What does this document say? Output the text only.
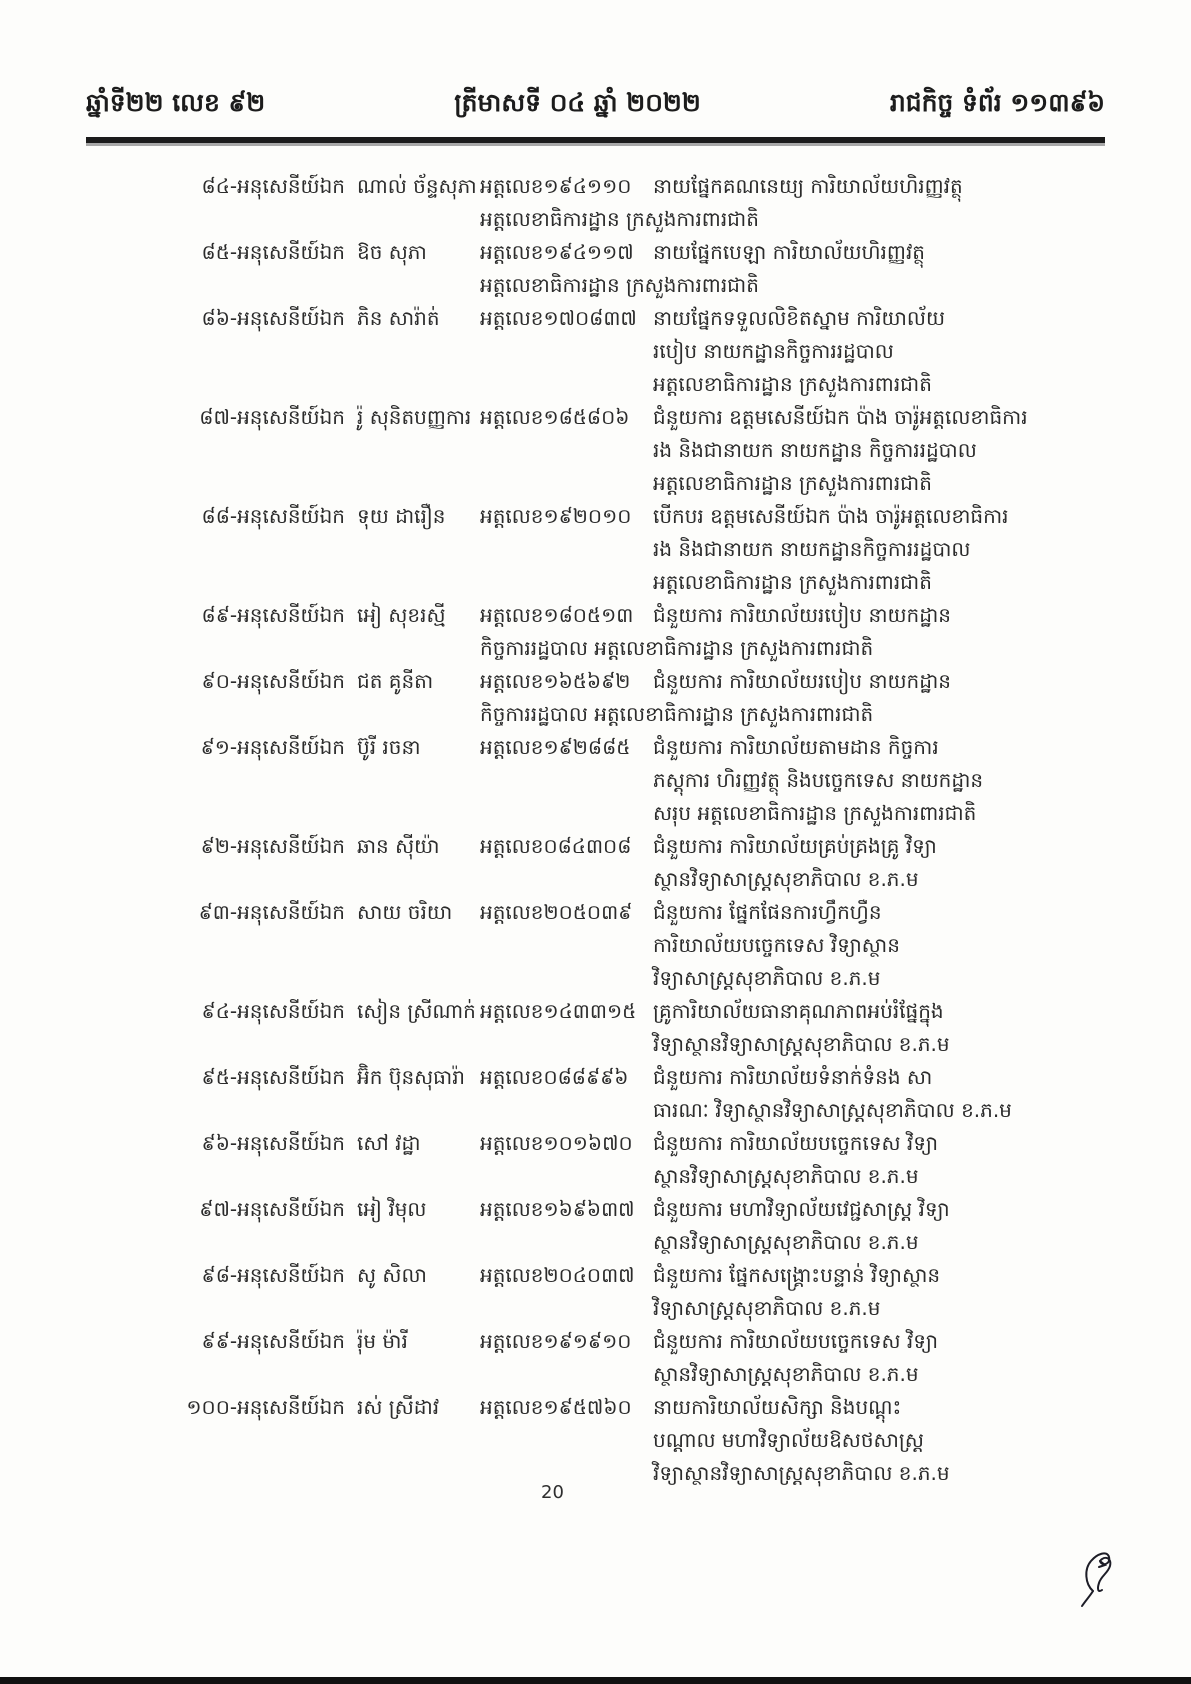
ឆ្នាំទី២២ លេខ ៩២	ត្រីមាសទី ០៤ ឆ្នាំ ២០២២	រាជកិច្ច ទំព័រ ១១៣៩៦
៨៤-អនុសេនីយ៍ឯក ណាល់ ច័ន្ទសុភា អត្តលេខ១៩៤១១០	នាយផ្នែកគណនេយ្យ ការិយាល័យហិរញ្ញវត្ថុ
អត្តលេខាធិការដ្ឋាន ក្រសួងការពារជាតិ
៨៥-អនុសេនីយ៍ឯក ឱច សុភា	អត្តលេខ១៩៤១១៧ នាយផ្នែកបេឡា ការិយាល័យហិរញ្ញវត្ថុ
អត្តលេខាធិការដ្ឋាន ក្រសួងការពារជាតិ
៨៦-អនុសេនីយ៍ឯក ភិន សារ៉ាត់	អត្តលេខ១៧០៨៣៧ នាយផ្នែកទទួលលិខិតស្នាម ការិយាល័យ
របៀប នាយកដ្ឋានកិច្ចការរដ្ឋបាល
អត្តលេខាធិការដ្ឋាន ក្រសួងការពារជាតិ
៨៧-អនុសេនីយ៍ឯក រ៉ូ សុនិតបញ្ញការ អត្តលេខ១៨៥៨០៦	ជំនួយការ ឧត្តមសេនីយ៍ឯក ប៉ាង ចារ៉ូអត្តលេខាធិការ
រង និងជានាយក នាយកដ្ឋាន កិច្ចការរដ្ឋបាល
អត្តលេខាធិការដ្ឋាន ក្រសួងការពារជាតិ
៨៨-អនុសេនីយ៍ឯក ទុយ ដារឿន	អត្តលេខ១៩២០១០	បើកបរ ឧត្តមសេនីយ៍ឯក ប៉ាង ចារ៉ូអត្តលេខាធិការ
រង និងជានាយក នាយកដ្ឋានកិច្ចការរដ្ឋបាល
អត្តលេខាធិការដ្ឋាន ក្រសួងការពារជាតិ
៨៩-អនុសេនីយ៍ឯក អៀ សុខរស្មី	អត្តលេខ១៨០៥១៣ ជំនួយការ ការិយាល័យរបៀប នាយកដ្ឋាន
កិច្ចការរដ្ឋបាល អត្តលេខាធិការដ្ឋាន ក្រសួងការពារជាតិ
៩០-អនុសេនីយ៍ឯក ជត គូនីតា	អត្តលេខ១៦៥៦៩២	ជំនួយការ ការិយាល័យរបៀប នាយកដ្ឋាន
កិច្ចការរដ្ឋបាល អត្តលេខាធិការដ្ឋាន ក្រសួងការពារជាតិ
៩១-អនុសេនីយ៍ឯក ប៊ូរី រចនា	អត្តលេខ១៩២៨៨៥	ជំនួយការ ការិយាល័យតាមដាន កិច្ចការ
ភស្តុការ ហិរញ្ញវត្ថុ និងបច្ចេកទេស នាយកដ្ឋាន
សរុប អត្តលេខាធិការដ្ឋាន ក្រសួងការពារជាតិ
៩២-អនុសេនីយ៍ឯក ឆាន ស៊ីយ៉ា	អត្តលេខ០៨៤៣០៨	ជំនួយការ ការិយាល័យគ្រប់គ្រងគ្រូ វិទ្យា
ស្ថានវិទ្យាសាស្ត្រសុខាភិបាល ខ.ភ.ម
៩៣-អនុសេនីយ៍ឯក សាយ ចរិយា	អត្តលេខ២០៥០៣៩	ជំនួយការ ផ្នែកផែនការហ្វឹកហ្វឺន
ការិយាល័យបច្ចេកទេស វិទ្យាស្ថាន
វិទ្យាសាស្ត្រសុខាភិបាល ខ.ភ.ម
៩៤-អនុសេនីយ៍ឯក សៀន ស្រីណាក់ អត្តលេខ១៤៣៣១៥ គ្រូការិយាល័យធានាគុណភាពអប់រំផ្នែក្នុង
វិទ្យាស្ថានវិទ្យាសាស្ត្រសុខាភិបាល ខ.ភ.ម
៩៥-អនុសេនីយ៍ឯក អ៊ិក ប៊ុនសុធារ៉ា អត្តលេខ០៨៨៩៩៦	ជំនួយការ ការិយាល័យទំនាក់ទំនង សា
ធារណៈ វិទ្យាស្ថានវិទ្យាសាស្ត្រសុខាភិបាល ខ.ភ.ម
៩៦-អនុសេនីយ៍ឯក សៅ វដ្ឋា	អត្តលេខ១០១៦៧០	ជំនួយការ ការិយាល័យបច្ចេកទេស វិទ្យា
ស្ថានវិទ្យាសាស្ត្រសុខាភិបាល ខ.ភ.ម
៩៧-អនុសេនីយ៍ឯក អៀ វិមុល	អត្តលេខ១៦៩៦៣៧ ជំនួយការ មហាវិទ្យាល័យវេជ្ជសាស្ត្រ វិទ្យា
ស្ថានវិទ្យាសាស្ត្រសុខាភិបាល ខ.ភ.ម
៩៨-អនុសេនីយ៍ឯក សូ សិលា	អត្តលេខ២០៤០៣៧ ជំនួយការ ផ្នែកសង្គ្រោះបន្ទាន់ វិទ្យាស្ថាន
វិទ្យាសាស្ត្រសុខាភិបាល ខ.ភ.ម
៩៩-អនុសេនីយ៍ឯក រ៉ុម ម៉ារី	អត្តលេខ១៩១៩១០	ជំនួយការ ការិយាល័យបច្ចេកទេស វិទ្យា
ស្ថានវិទ្យាសាស្ត្រសុខាភិបាល ខ.ភ.ម
១០០-អនុសេនីយ៍ឯក រស់ ស្រីដាវ	អត្តលេខ១៩៥៧៦០	នាយការិយាល័យសិក្សា និងបណ្តុះ
បណ្តាល មហាវិទ្យាល័យឱសថសាស្ត្រ
វិទ្យាស្ថានវិទ្យាសាស្ត្រសុខាភិបាល ខ.ភ.ម
20
